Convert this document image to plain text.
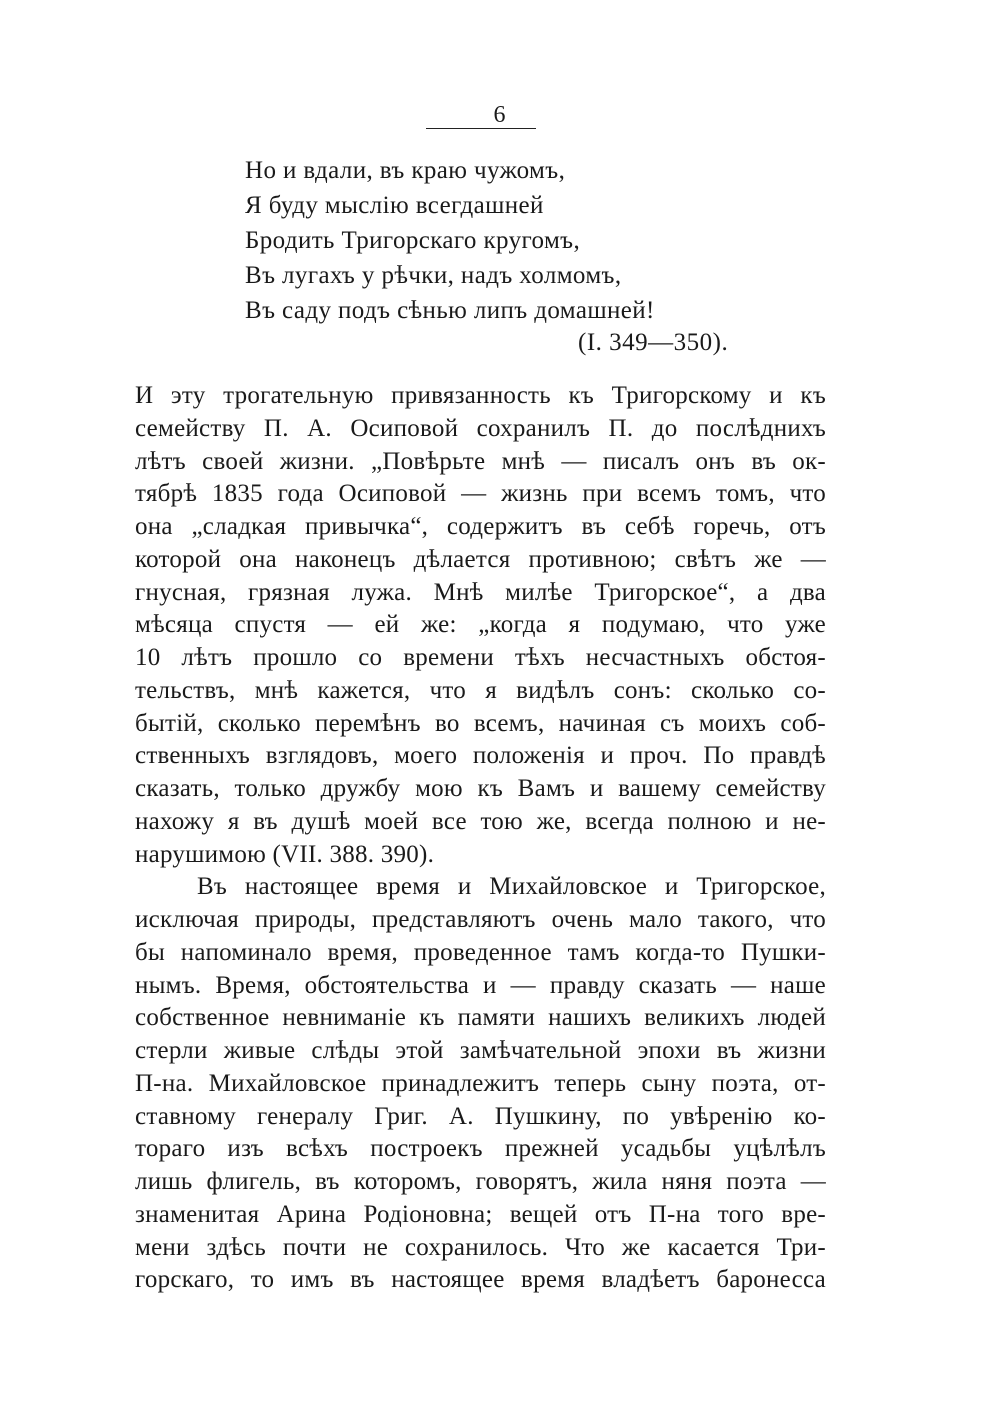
6
Но и вдали, въ краю чужомъ,
Я буду мыслію всегдашней
Бродить Тригорскаго кругомъ,
Въ лугахъ у рѣчки, надъ холмомъ,
Въ саду подъ сѣнью липъ домашней!
(I. 349—350).
И эту трогательную привязанность къ Тригорскому и къ
семейству П. А. Осиповой сохранилъ П. до послѣднихъ
лѣтъ своей жизни. „Повѣрьте мнѣ — писалъ онъ въ ок-
тябрѣ 1835 года Осиповой — жизнь при всемъ томъ, что
она „сладкая привычка“, содержитъ въ себѣ горечь, отъ
которой она наконецъ дѣлается противною; свѣтъ же —
гнусная, грязная лужа. Мнѣ милѣе Тригорское“, а два
мѣсяца спустя — ей же: „когда я подумаю, что уже
10 лѣтъ прошло со времени тѣхъ несчастныхъ обстоя-
тельствъ, мнѣ кажется, что я видѣлъ сонъ: сколько со-
бытій, сколько перемѣнъ во всемъ, начиная съ моихъ соб-
ственныхъ взглядовъ, моего положенія и проч. По правдѣ
сказать, только дружбу мою къ Вамъ и вашему семейству
нахожу я въ душѣ моей все тою же, всегда полною и не-
нарушимою (VII. 388. 390).
Въ настоящее время и Михайловское и Тригорское,
исключая природы, представляютъ очень мало такого, что
бы напоминало время, проведенное тамъ когда-то Пушки-
нымъ. Время, обстоятельства и — правду сказать — наше
собственное невниманіе къ памяти нашихъ великихъ людей
стерли живые слѣды этой замѣчательной эпохи въ жизни
П-на. Михайловское принадлежитъ теперь сыну поэта, от-
ставному генералу Григ. А. Пушкину, по увѣренію ко-
тораго изъ всѣхъ построекъ прежней усадьбы уцѣлѣлъ
лишь флигель, въ которомъ, говорятъ, жила няня поэта —
знаменитая Арина Родіоновна; вещей отъ П-на того вре-
мени здѣсь почти не сохранилось. Что же касается Три-
горскаго, то имъ въ настоящее время владѣетъ баронесса
